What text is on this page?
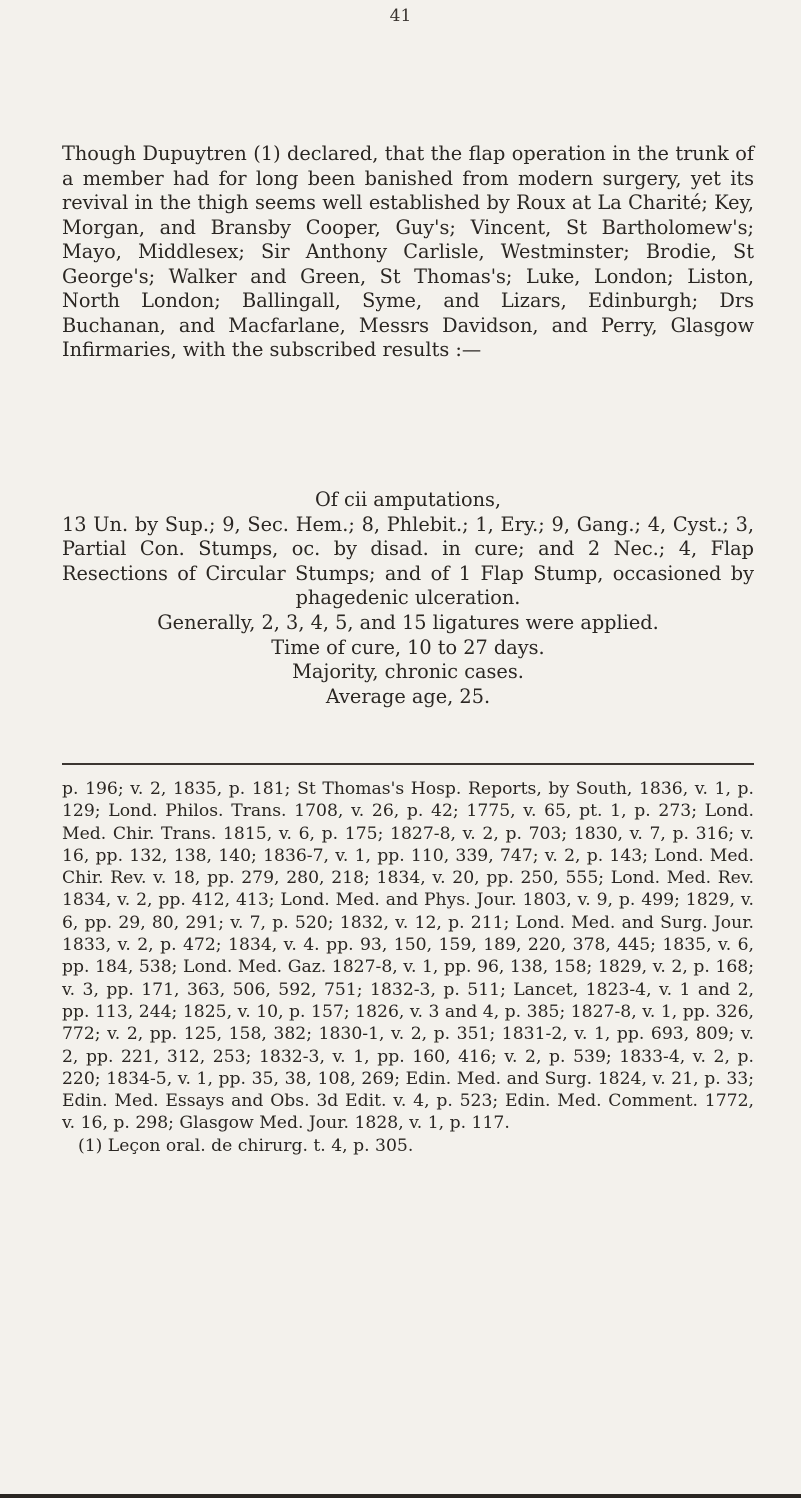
41

Though Dupuytren (1) declared, that the flap operation in the trunk of a member had for long been banished from modern surgery, yet its revival in the thigh seems well established by Roux at La Charité; Key, Morgan, and Bransby Cooper, Guy's; Vincent, St Bartholomew's; Mayo, Middlesex; Sir Anthony Carlisle, Westminster; Brodie, St George's; Walker and Green, St Thomas's; Luke, London; Liston, North London; Ballingall, Syme, and Lizars, Edinburgh; Drs Buchanan, and Macfarlane, Messrs Davidson, and Perry, Glasgow Infirmaries, with the subscribed results :—

Of cii amputations,

13 Un. by Sup.; 9, Sec. Hem.; 8, Phlebit.; 1, Ery.; 9, Gang.; 4, Cyst.; 3, Partial Con. Stumps, oc. by disad. in cure; and 2 Nec.; 4, Flap Resections of Circular Stumps; and of 1 Flap Stump, occasioned by phagedenic ulceration.

Generally, 2, 3, 4, 5, and 15 ligatures were applied.

Time of cure, 10 to 27 days.

Majority, chronic cases.

Average age, 25.

p. 196; v. 2, 1835, p. 181; St Thomas's Hosp. Reports, by South, 1836, v. 1, p. 129; Lond. Philos. Trans. 1708, v. 26, p. 42; 1775, v. 65, pt. 1, p. 273; Lond. Med. Chir. Trans. 1815, v. 6, p. 175; 1827-8, v. 2, p. 703; 1830, v. 7, p. 316; v. 16, pp. 132, 138, 140; 1836-7, v. 1, pp. 110, 339, 747; v. 2, p. 143; Lond. Med. Chir. Rev. v. 18, pp. 279, 280, 218; 1834, v. 20, pp. 250, 555; Lond. Med. Rev. 1834, v. 2, pp. 412, 413; Lond. Med. and Phys. Jour. 1803, v. 9, p. 499; 1829, v. 6, pp. 29, 80, 291; v. 7, p. 520; 1832, v. 12, p. 211; Lond. Med. and Surg. Jour. 1833, v. 2, p. 472; 1834, v. 4. pp. 93, 150, 159, 189, 220, 378, 445; 1835, v. 6, pp. 184, 538; Lond. Med. Gaz. 1827-8, v. 1, pp. 96, 138, 158; 1829, v. 2, p. 168; v. 3, pp. 171, 363, 506, 592, 751; 1832-3, p. 511; Lancet, 1823-4, v. 1 and 2, pp. 113, 244; 1825, v. 10, p. 157; 1826, v. 3 and 4, p. 385; 1827-8, v. 1, pp. 326, 772; v. 2, pp. 125, 158, 382; 1830-1, v. 2, p. 351; 1831-2, v. 1, pp. 693, 809; v. 2, pp. 221, 312, 253; 1832-3, v. 1, pp. 160, 416; v. 2, p. 539; 1833-4, v. 2, p. 220; 1834-5, v. 1, pp. 35, 38, 108, 269; Edin. Med. and Surg. 1824, v. 21, p. 33; Edin. Med. Essays and Obs. 3d Edit. v. 4, p. 523; Edin. Med. Comment. 1772, v. 16, p. 298; Glasgow Med. Jour. 1828, v. 1, p. 117.
(1) Leçon oral. de chirurg. t. 4, p. 305.
